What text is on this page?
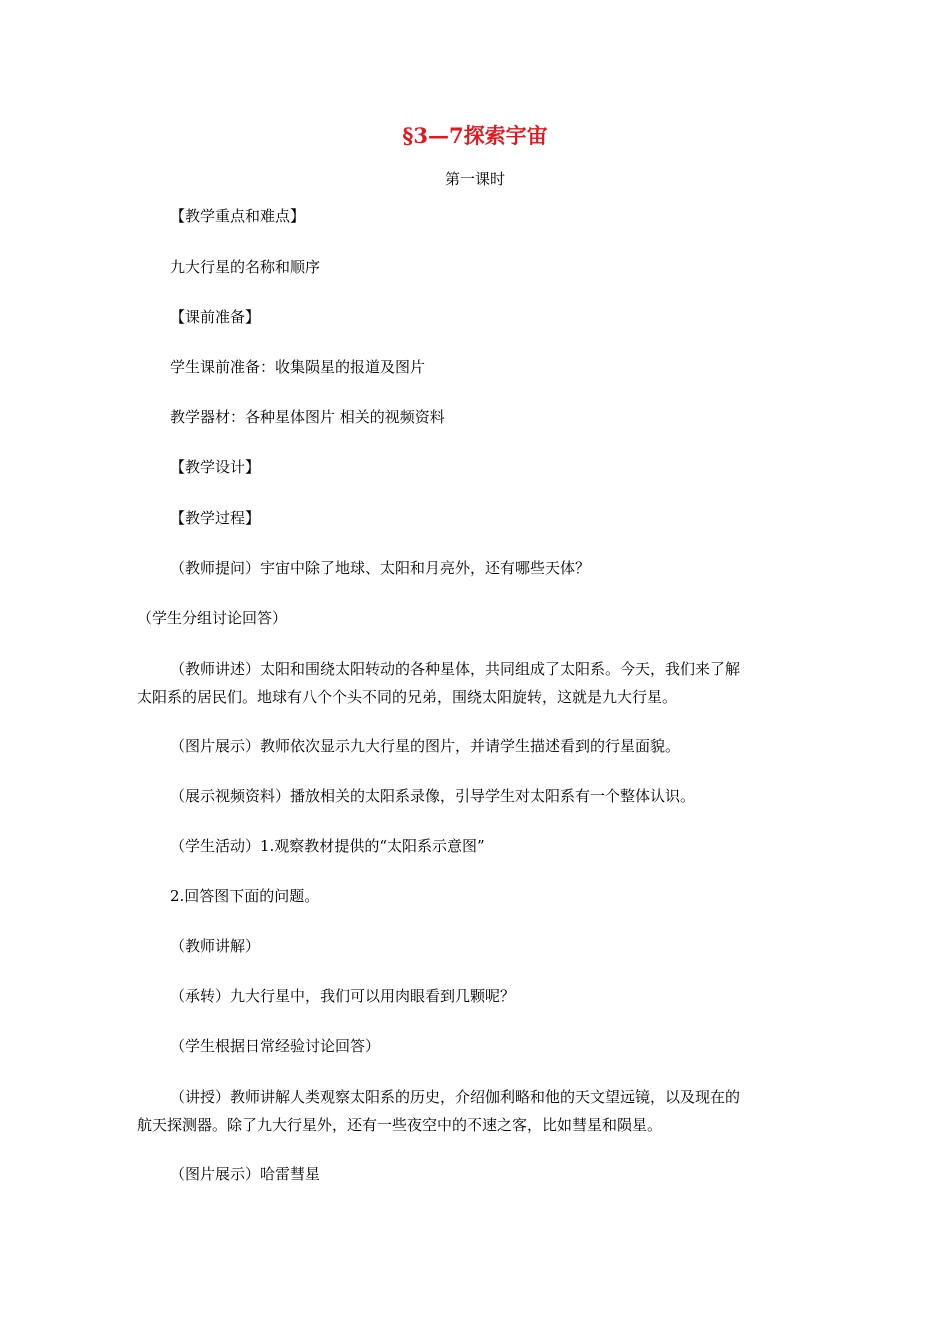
§3—7探索宇宙
第一课时
【教学重点和难点】
九大行星的名称和顺序
【课前准备】
学生课前准备：收集陨星的报道及图片
教学器材：各种星体图片 相关的视频资料
【教学设计】
【教学过程】
（教师提问）宇宙中除了地球、太阳和月亮外，还有哪些天体？
（学生分组讨论回答）
（教师讲述）太阳和围绕太阳转动的各种星体，共同组成了太阳系。今天，我们来了解
太阳系的居民们。地球有八个个头不同的兄弟，围绕太阳旋转，这就是九大行星。
（图片展示）教师依次显示九大行星的图片，并请学生描述看到的行星面貌。
（展示视频资料）播放相关的太阳系录像，引导学生对太阳系有一个整体认识。
（学生活动）1.观察教材提供的“太阳系示意图”
2.回答图下面的问题。
（教师讲解）
（承转）九大行星中，我们可以用肉眼看到几颗呢？
（学生根据日常经验讨论回答）
（讲授）教师讲解人类观察太阳系的历史，介绍伽利略和他的天文望远镜，以及现在的
航天探测器。除了九大行星外，还有一些夜空中的不速之客，比如彗星和陨星。
（图片展示）哈雷彗星
